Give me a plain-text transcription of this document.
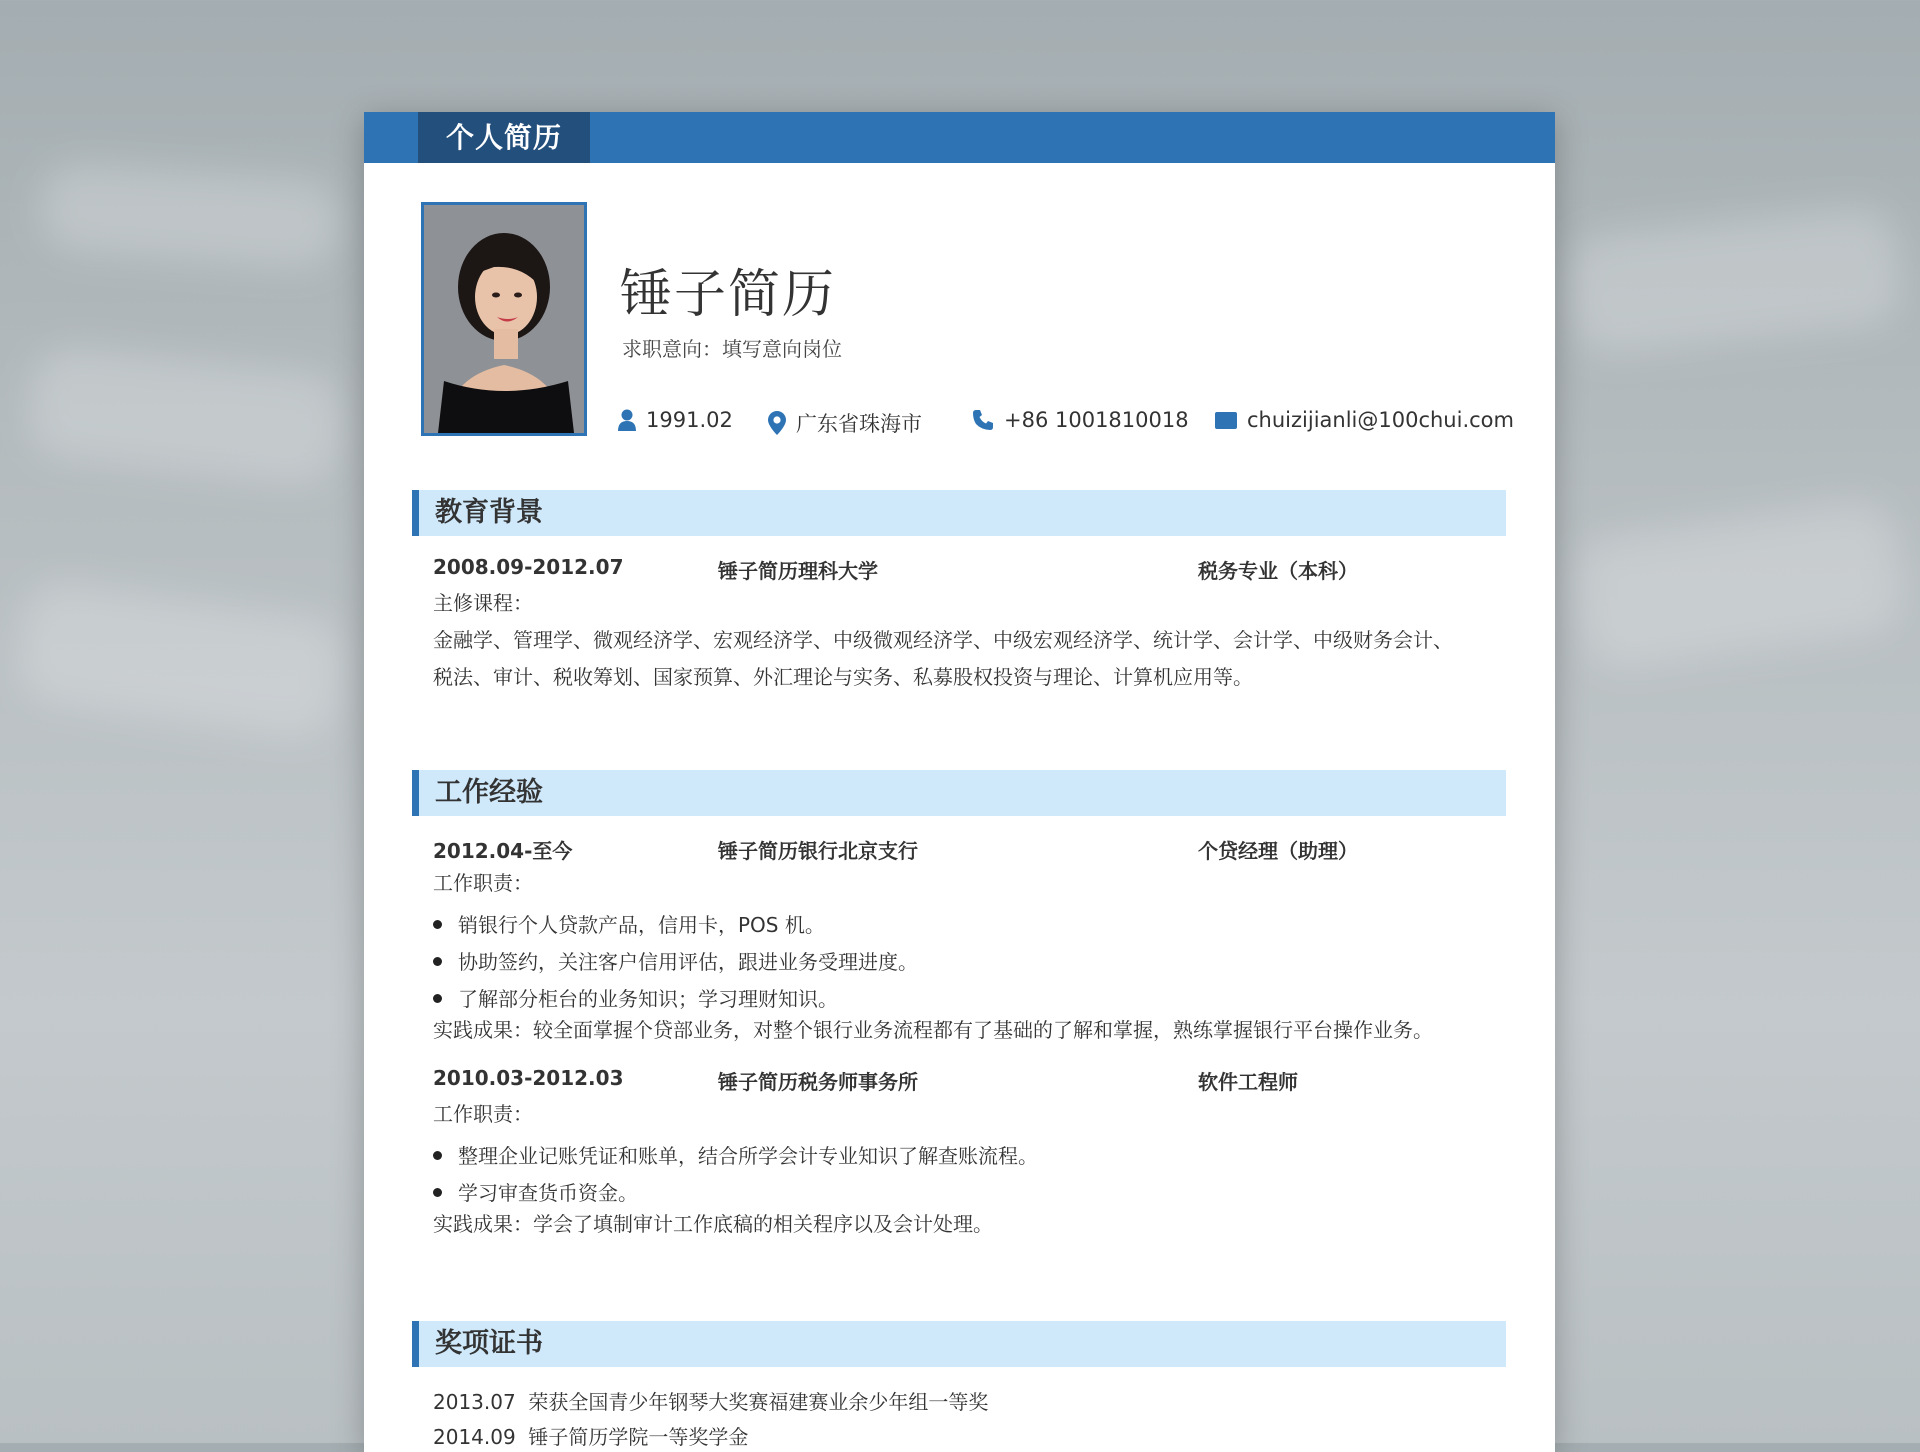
个人简历
锤子简历
求职意向：填写意向岗位
1991.02	广东省珠海市	+86 1001810018	chuizijianli@100chui.com
教育背景
2008.09-2012.07	锤子简历理科大学	税务专业（本科）
主修课程：
金融学、管理学、微观经济学、宏观经济学、中级微观经济学、中级宏观经济学、统计学、会计学、中级财务会计、
税法、审计、税收筹划、国家预算、外汇理论与实务、私募股权投资与理论、计算机应用等。
工作经验
2012.04-至今	锤子简历银行北京支行	个贷经理（助理）
工作职责：
销银行个人贷款产品，信用卡，POS 机。
协助签约，关注客户信用评估，跟进业务受理进度。
了解部分柜台的业务知识；学习理财知识。
实践成果：较全面掌握个贷部业务，对整个银行业务流程都有了基础的了解和掌握，熟练掌握银行平台操作业务。
2010.03-2012.03	锤子简历税务师事务所	软件工程师
工作职责：
整理企业记账凭证和账单，结合所学会计专业知识了解查账流程。
学习审查货币资金。
实践成果：学会了填制审计工作底稿的相关程序以及会计处理。
奖项证书
2013.07  荣获全国青少年钢琴大奖赛福建赛业余少年组一等奖
2014.09  锤子简历学院一等奖学金
